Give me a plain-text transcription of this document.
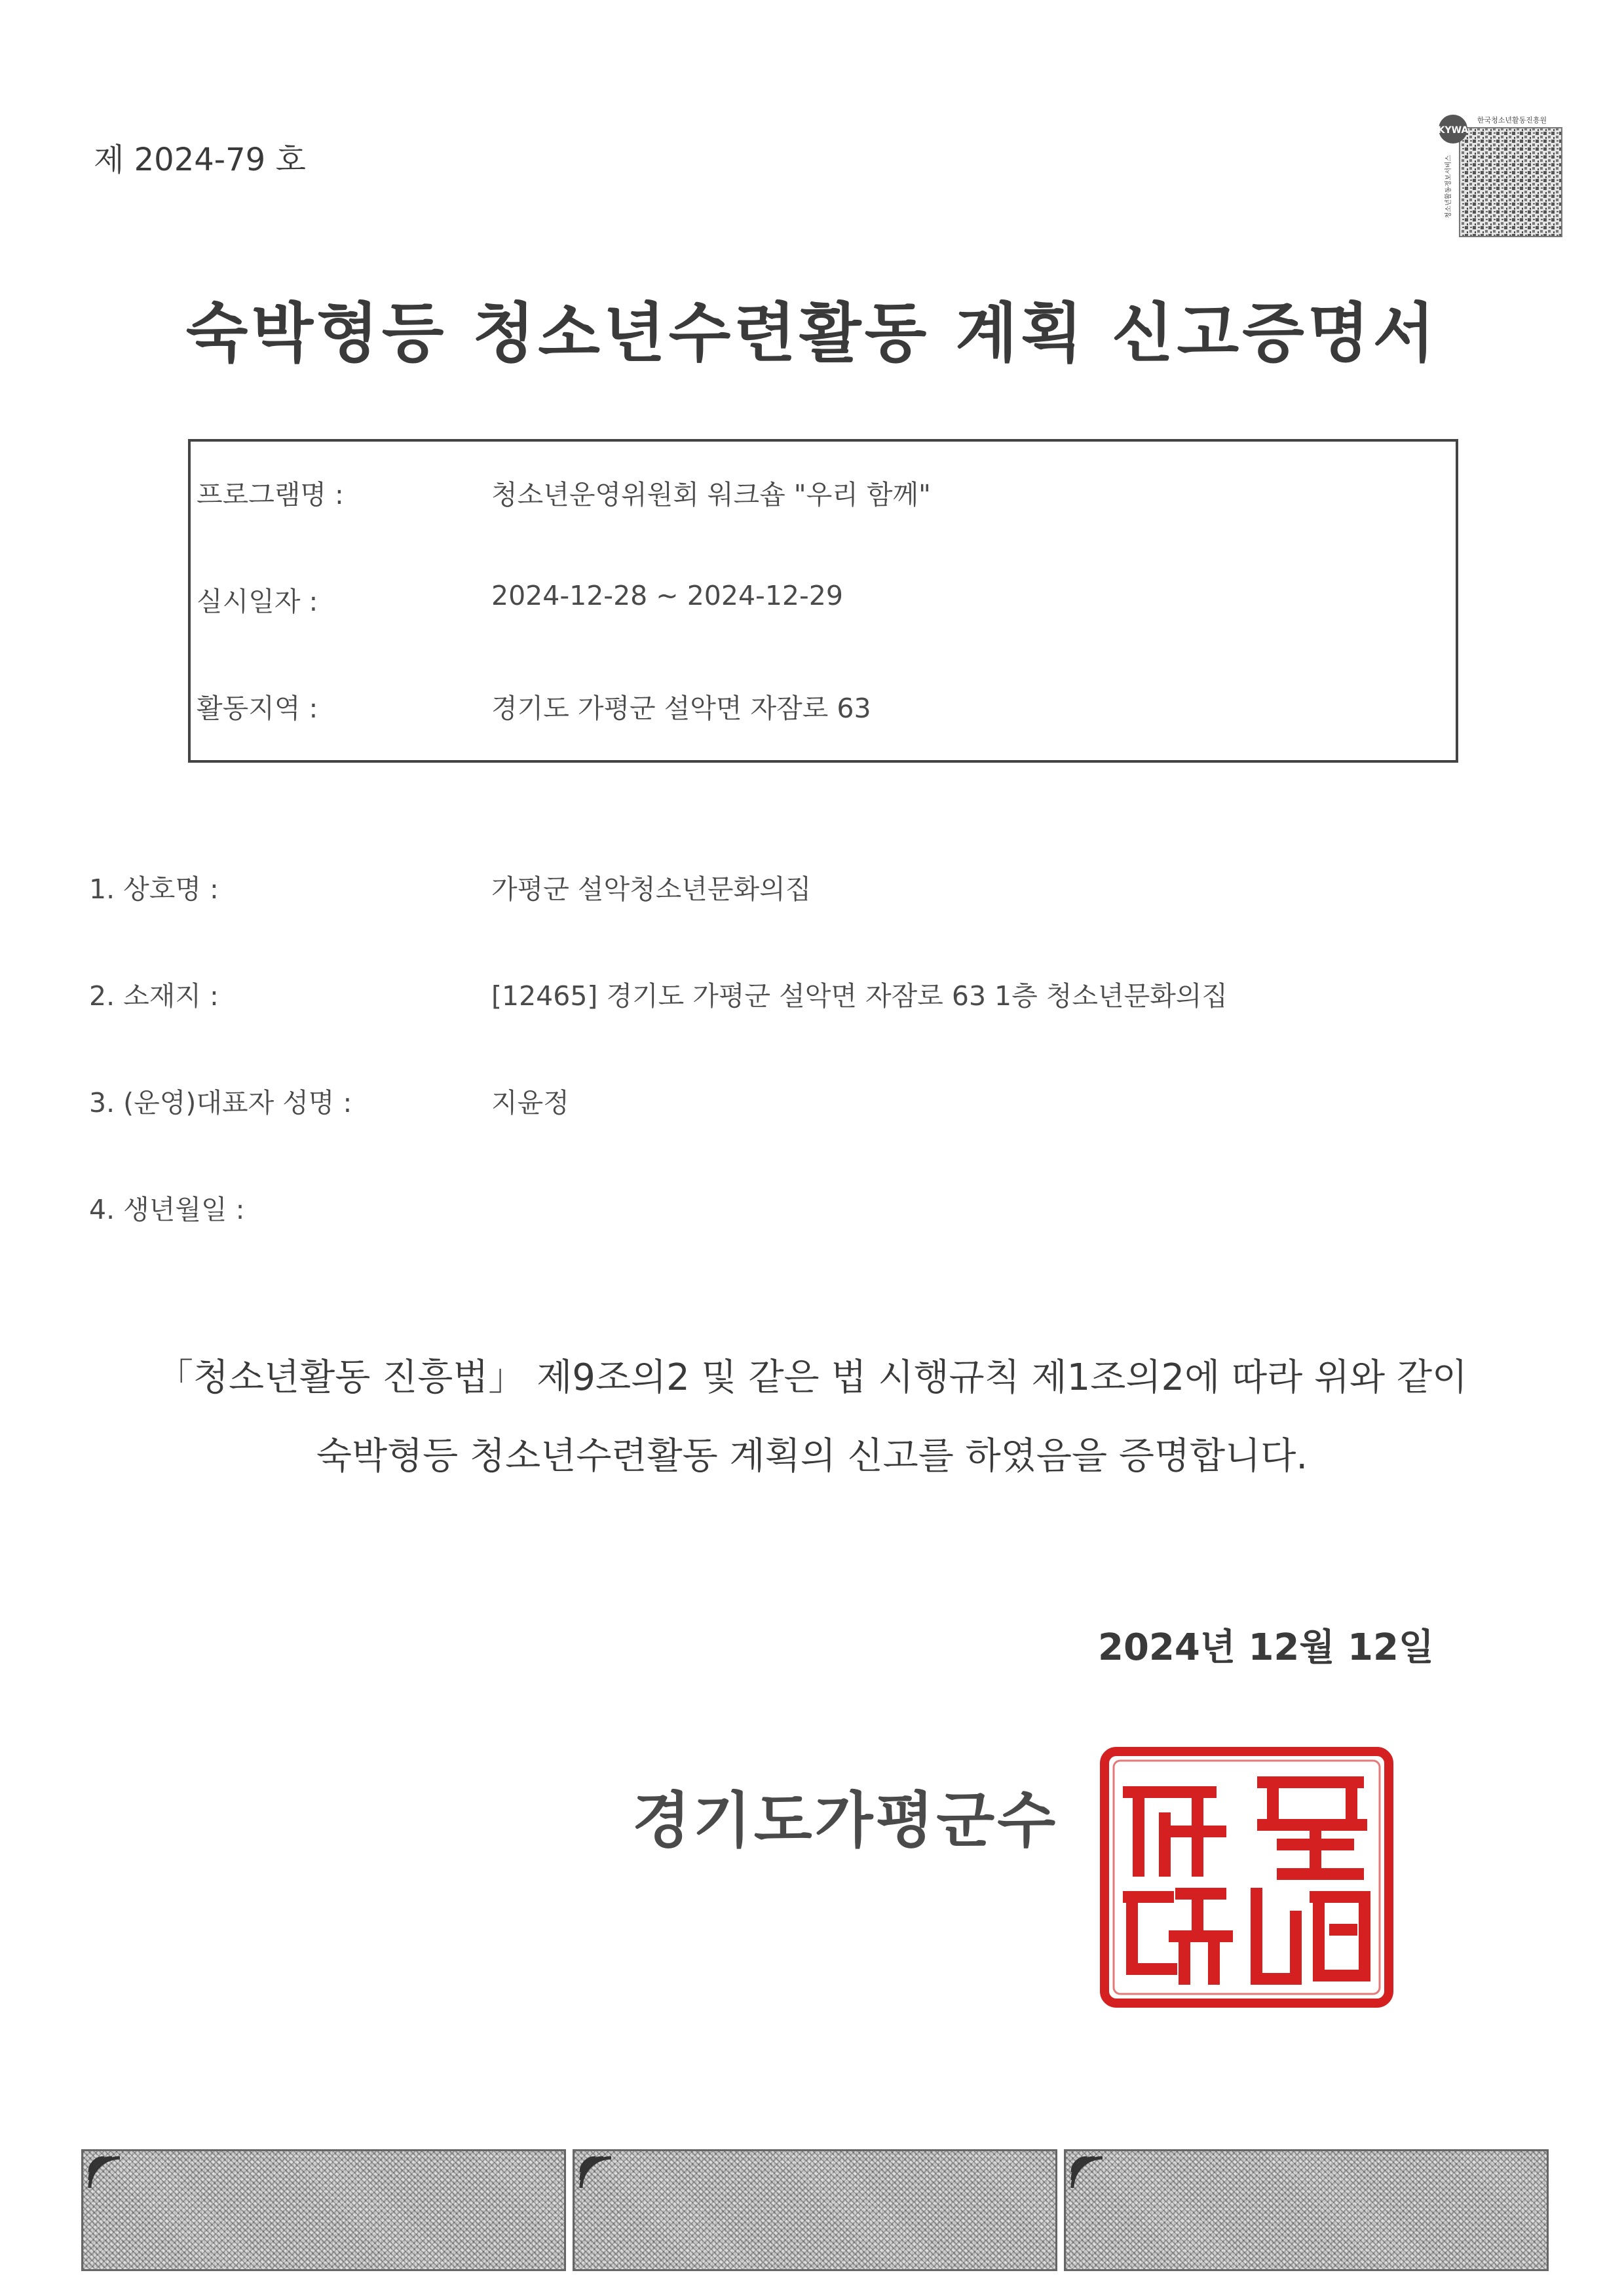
KYWA
한국청소년활동진흥원
청소년활동정보서비스
제 2024-79 호
숙박형등 청소년수련활동 계획 신고증명서
프로그램명 :	청소년운영위원회 워크숍 "우리 함께"
실시일자 :	2024-12-28 ~ 2024-12-29
활동지역 :	경기도 가평군 설악면 자잠로 63
1. 상호명 :	가평군 설악청소년문화의집
2. 소재지 :	[12465] 경기도 가평군 설악면 자잠로 63 1층 청소년문화의집
3. (운영)대표자 성명 :	지윤정
4. 생년월일 :
「청소년활동 진흥법」 제9조의2 및 같은 법 시행규칙 제1조의2에 따라 위와 같이
숙박형등 청소년수련활동 계획의 신고를 하였음을 증명합니다.
2024년 12월 12일
경기도가평군수
